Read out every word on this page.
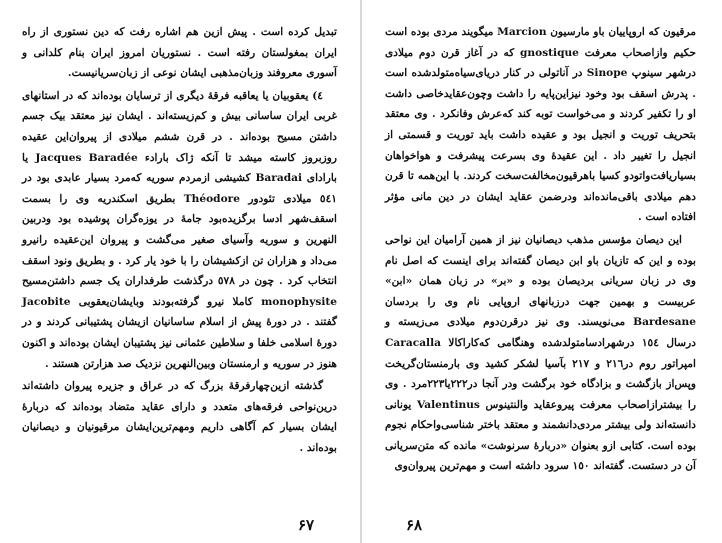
تبدیل کرده است . پیش ازین هم اشاره رفت که دین نستوری از راه ایران بمغولستان رفته است . نستوریان امروز ایران بنام کلدانی و آسوری معروفند وزبان‌مذهبی ایشان نوعی از زبان‌سریانیست.

٤) یعقوبیان یا یعاقبه فرقهٔ دیگری از ترسایان بوده‌اند که در استانهای غربی ایران ساسانی بیش و کم‌زیسته‌اند . ایشان نیز معتقد بیک جسم داشتن مسیح بوده‌اند . در قرن ششم میلادی از پیروان‌این عقیده روزبروز کاسته میشد تا آنکه ژاک بارادء Jacques Baradée یا بارادای Baradai کشیشی ازمردم سوریه که‌مرد بسیار عابدی بود در ٥٤١ میلادی تئودور Théodore بطریق اسکندریه وی را بسمت اسقف‌شهر ادسا برگزیده‌بود جامهٔ در یوزه‌گران پوشیده بود ودربین النهرین و سوریه وآسیای صغیر می‌گشت و پیروان این‌عقیده رانیرو می‌داد و هزاران تن ازکشیشان را با خود یار کرد . و بطریق ونود اسقف انتخاب کرد . چون در ٥٧٨ درگذشت طرفداران یک جسم داشتن‌مسیح monophysite کاملا نیرو گرفته‌بودند وبایشان‌یعقوبی Jacobite گفتند . در دورهٔ پیش از اسلام ساسانیان ازیشان پشتیبانی کردند و در دورهٔ اسلامی خلفا و سلاطین عثمانی نیز پشتیبان ایشان بوده‌اند و اکنون هنوز در سوریه و ارمنستان وبین‌النهرین نزدیک صد هزارتن هستند .

گذشته ازین‌چهارفرقهٔ بزرگ که در عراق و جزیره پیروان داشته‌اند درین‌نواحی فرقه‌های متعدد و دارای عقاید متضاد بوده‌اند که دربارهٔ ایشان بسیار کم آگاهی داریم ومهم‌ترین‌ایشان مرقیونیان و دیصانیان بوده‌اند .

۶۷

مرقیون که اروپاییان باو مارسیون Marcion میگویند مردی بوده است حکیم وازاصحاب معرفت gnostique که در آغاز قرن دوم میلادی درشهر سینوپ Sinope در آناتولی در کنار دریای‌سیاه‌متولدشده است . پدرش اسقف بود وخود نیز‌این‌پایه را داشت وچون‌عقاید‌خاصی داشت او را تکفیر کردند و می‌خواست توبه کند که‌عرش وفانکرد . وی معتقد بتحریف توریت و انجیل بود و عقیده داشت باید توریت و قسمتی از انجیل را تغییر داد . این عقیدهٔ وی بسرعت پیشرفت و هواخواهان بسیاریافت‌واتودو کسیا باهرقیون‌مخالفت‌سخت کردند. با این‌همه تا قرن دهم میلادی باقی‌مانده‌اند ودرضمن عقاید ایشان در دین مانی مؤثر افتاده است .

این دیصان مؤسس مذهب دیصانیان نیز از همین آرامیان این نواحی بوده و این که تازیان باو ابن دیصان گفته‌اند برای اینست که اصل نام وی در زبان سریانی بردیصان بوده و «بر» در زبان همان «ابن» عربیست و بهمین جهت درزبانهای اروپایی نام وی را بردسان Bardesane می‌نویسند. وی نیز درقرن‌دوم میلادی می‌زیسته و در‌سال ١٥٤ در‌شهرادسامتولدشده وهنگامی که‌کاراکالا Caracalla امپراتور روم در٢١٦ و ٢١٧ بآسیا لشکر کشید وی بارمنستان‌گریخت وپس‌از بازگشت و بزادگاه خود برگشت ودر آنجا در٢٢٢یا‌٢٢٣مرد . وی را بیشتر‌ازاصحاب معرفت پیروعقاید والنتینوس Valentinus یونانی دانسته‌اند ولی بیشتر مردی‌دانشمند و معتقد باختر شناسی‌واحکام نجوم بوده است. کتابی ازو بعنوان «دربارهٔ سرنوشت» مانده که متن‌سریانی آن در دستست. گفته‌اند ١٥٠ سرود داشته است و مهم‌ترین پیروان‌وی

۶۸
